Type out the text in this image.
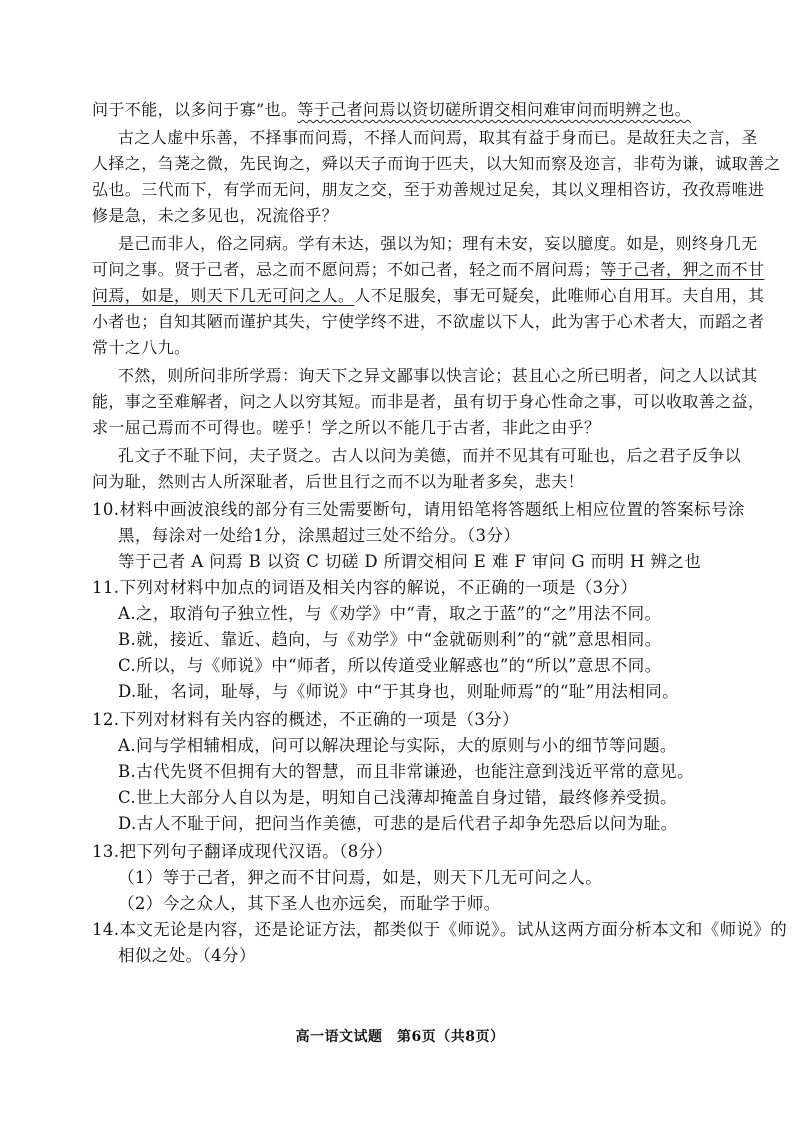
问于不能，以多问于寡”也。等于己者问焉以资切磋所谓交相问难审问而明辨之也。
古之人虚中乐善，不择事而问焉，不择人而问焉，取其有益于身而已。是故狂夫之言，圣
人择之，刍荛之微，先民询之，舜以天子而询于匹夫，以大知而察及迩言，非苟为谦，诚取善之
弘也。三代而下，有学而无问，朋友之交，至于劝善规过足矣，其以义理相咨访，孜孜焉唯进
修是急，未之多见也，况流俗乎？
是己而非人，俗之同病。学有未达，强以为知；理有未安，妄以臆度。如是，则终身几无
可问之事。贤于己者，忌之而不愿问焉；不如己者，轻之而不屑问焉；等于己者，狎之而不甘
问焉，如是，则天下几无可问之人。人不足服矣，事无可疑矣，此唯师心自用耳。夫自用，其
小者也；自知其陋而谨护其失，宁使学终不进，不欲虚以下人，此为害于心术者大，而蹈之者
常十之八九。
不然，则所问非所学焉：询天下之异文鄙事以快言论；甚且心之所已明者，问之人以试其
能，事之至难解者，问之人以穷其短。而非是者，虽有切于身心性命之事，可以收取善之益，
求一屈己焉而不可得也。嗟乎！学之所以不能几于古者，非此之由乎？
孔文子不耻下问，夫子贤之。古人以问为美德，而并不见其有可耻也，后之君子反争以
问为耻，然则古人所深耻者，后世且行之而不以为耻者多矣，悲夫！
10.材料中画波浪线的部分有三处需要断句，请用铅笔将答题纸上相应位置的答案标号涂
黑，每涂对一处给1分，涂黑超过三处不给分。（3分）
等于己者 A 问焉 B 以资 C 切磋 D 所谓交相问 E 难 F 审问 G 而明 H 辨之也
11.下列对材料中加点的词语及相关内容的解说，不正确的一项是（3分）
A.之，取消句子独立性，与《劝学》中“青，取之于蓝”的“之”用法不同。
B.就，接近、靠近、趋向，与《劝学》中“金就砺则利”的“就”意思相同。
C.所以，与《师说》中“师者，所以传道受业解惑也”的“所以”意思不同。
D.耻，名词，耻辱，与《师说》中“于其身也，则耻师焉”的“耻”用法相同。
12.下列对材料有关内容的概述，不正确的一项是（3分）
A.问与学相辅相成，问可以解决理论与实际，大的原则与小的细节等问题。
B.古代先贤不但拥有大的智慧，而且非常谦逊，也能注意到浅近平常的意见。
C.世上大部分人自以为是，明知自己浅薄却掩盖自身过错，最终修养受损。
D.古人不耻于问，把问当作美德，可悲的是后代君子却争先恐后以问为耻。
13.把下列句子翻译成现代汉语。（8分）
（1）等于己者，狎之而不甘问焉，如是，则天下几无可问之人。
（2）今之众人，其下圣人也亦远矣，而耻学于师。
14.本文无论是内容，还是论证方法，都类似于《师说》。试从这两方面分析本文和《师说》的
相似之处。（4分）
高一语文试题　第6页（共8页）
